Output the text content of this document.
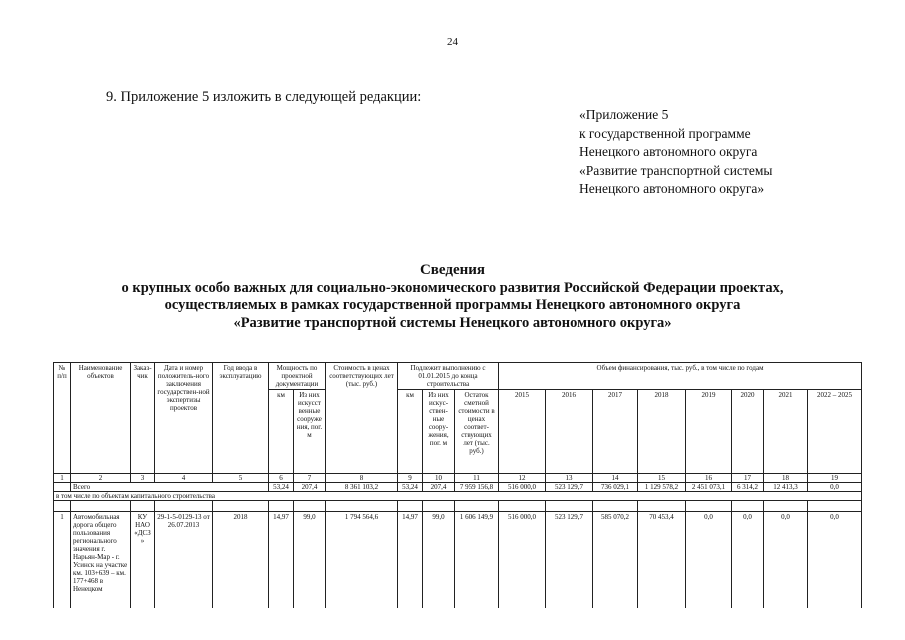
24
9. Приложение 5 изложить в следующей редакции:
«Приложение 5
к государственной программе
Ненецкого автономного округа
«Развитие транспортной системы
Ненецкого автономного округа»
Сведения
о крупных особо важных для социально-экономического развития Российской Федерации проектах,
осуществляемых в рамках государственной программы Ненецкого автономного округа
«Развитие транспортной системы Ненецкого автономного округа»
№ п/п	Наименование объектов	Заказ-чик	Дата и номер положитель-ного заключения государствен-ной экспертизы проектов	Год ввода в эксплуатацию	Мощность по проектной документации		Стоимость в ценах соответствующих лет (тыс. руб.)	Подлежит выполнению с 01.01.2015 до конца строительства			Объем финансирования, тыс. руб., в том числе по годам							
					км	Из них искусст венные сооруже ния, пог. м		км	Из них искус-ствен-ные соору-жения, пог. м	Остаток сметной стоимости в ценах соответ-ствующих лет (тыс. руб.)	2015	2016	2017	2018	2019	2020	2021	2022 – 2025
1	2	3	4	5	6	7	8	9	10	11	12	13	14	15	16	17	18	19
	Всего				53,24	207,4	8 361 103,2	53,24	207,4	7 959 156,8	516 000,0	523 129,7	736 029,1	1 129 578,2	2 451 073,1	6 314,2	12 413,3	0,0
в том числе по объектам капитального строительства																		

1	Автомобильная дорога общего пользования регионального значения г. Нарьян-Мар - г. Усинск на участке км. 103+639 – км. 177+468 в Ненецком	КУ НАО «ДСЗ»	29-1-5-0129-13 от 26.07.2013	2018	14,97	99,0	1 794 564,6	14,97	99,0	1 606 149,9	516 000,0	523 129,7	585 070,2	70 453,4	0,0	0,0	0,0	0,0
